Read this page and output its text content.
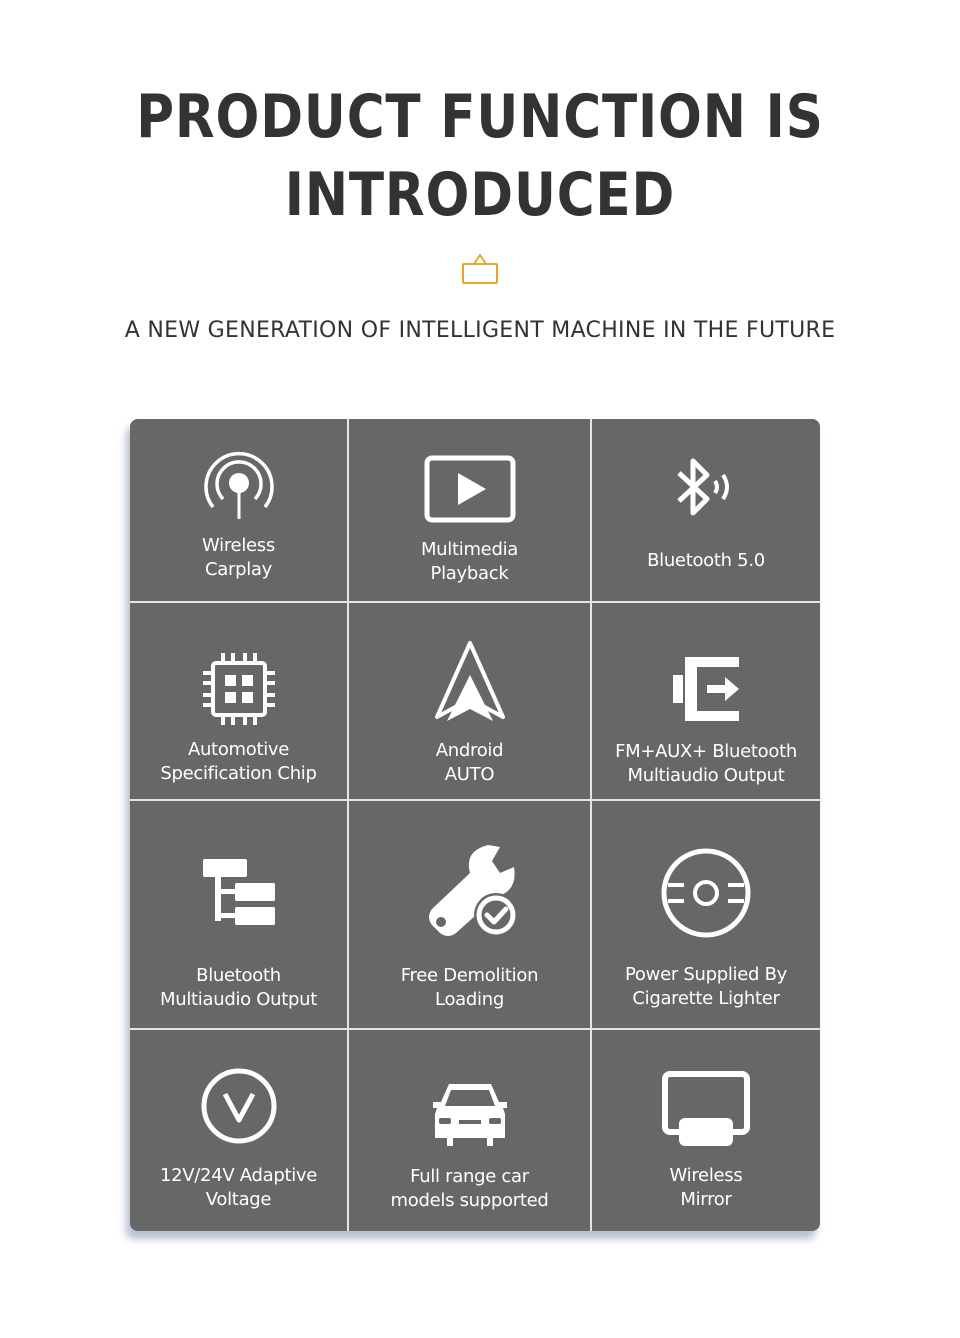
PRODUCT FUNCTION IS
INTRODUCED
A NEW GENERATION OF INTELLIGENT MACHINE IN THE FUTURE
Wireless
Carplay
Multimedia
Playback
Bluetooth 5.0
Automotive
Specification Chip
Android
AUTO
FM+AUX+ Bluetooth
Multiaudio Output
Bluetooth
Multiaudio Output
Free Demolition
Loading
Power Supplied By
Cigarette Lighter
12V/24V Adaptive
Voltage
Full range car
models supported
Wireless
Mirror
